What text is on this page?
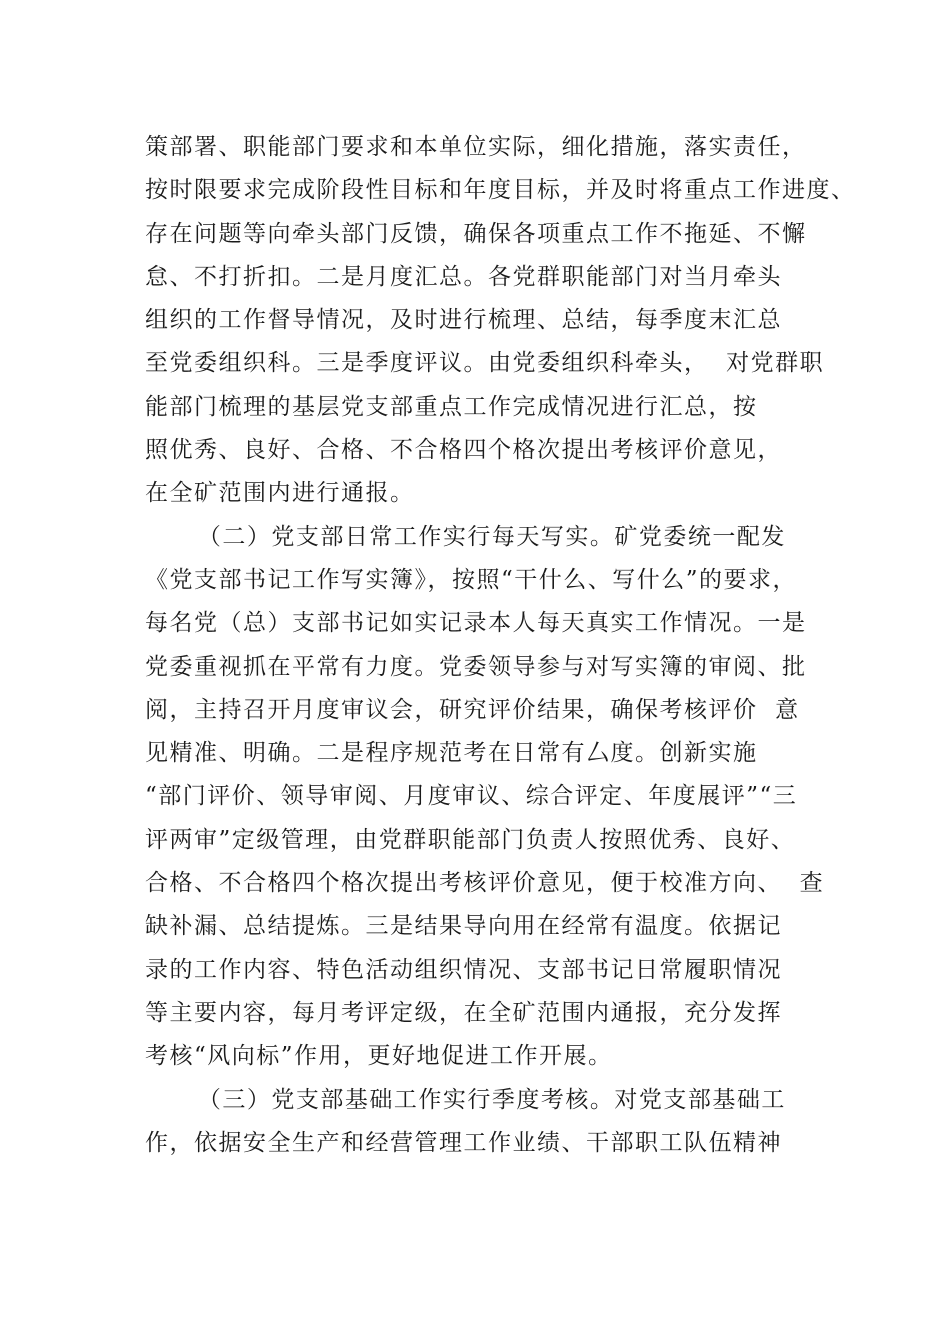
策部署、职能部门要求和本单位实际，细化措施，落实责任，
按时限要求完成阶段性目标和年度目标，并及时将重点工作进度、
存在问题等向牵头部门反馈，确保各项重点工作不拖延、不懈
怠、不打折扣。二是月度汇总。各党群职能部门对当月牵头
组织的工作督导情况，及时进行梳理、总结，每季度末汇总
至党委组织科。三是季度评议。由党委组织科牵头，  对党群职
能部门梳理的基层党支部重点工作完成情况进行汇总，按
照优秀、良好、合格、不合格四个格次提出考核评价意见，
在全矿范围内进行通报。
（二）党支部日常工作实行每天写实。矿党委统一配发
《党支部书记工作写实簿》，按照“干什么、写什么”的要求，
每名党（总）支部书记如实记录本人每天真实工作情况。一是
党委重视抓在平常有力度。党委领导参与对写实簿的审阅、批
阅，主持召开月度审议会，研究评价结果，确保考核评价  意
见精准、明确。二是程序规范考在日常有厶度。创新实施
“部门评价、领导审阅、月度审议、综合评定、年度展评”“三
评两审”定级管理，由党群职能部门负责人按照优秀、良好、
合格、不合格四个格次提出考核评价意见，便于校准方向、  查
缺补漏、总结提炼。三是结果导向用在经常有温度。依据记
录的工作内容、特色活动组织情况、支部书记日常履职情况
等主要内容，每月考评定级，在全矿范围内通报，充分发挥
考核“风向标”作用，更好地促进工作开展。
（三）党支部基础工作实行季度考核。对党支部基础工
作，依据安全生产和经营管理工作业绩、干部职工队伍精神
